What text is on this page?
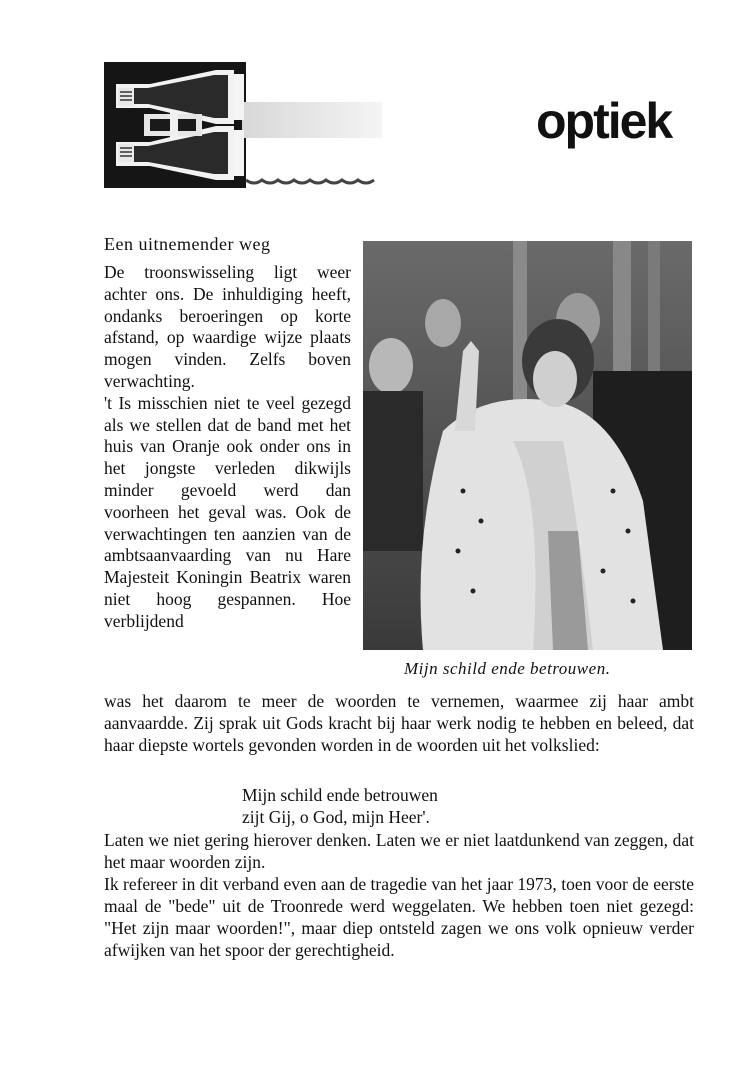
optiek
Een uitnemender weg

De troonswisseling ligt weer achter ons. De inhuldiging heeft, ondanks beroeringen op korte afstand, op waardige wijze plaats mogen vinden. Zelfs boven verwachting.

't Is misschien niet te veel gezegd als we stellen dat de band met het huis van Oranje ook onder ons in het jongste verleden dikwijls minder gevoeld werd dan voorheen het geval was. Ook de verwachtingen ten aanzien van de ambtsaanvaarding van nu Hare Majesteit Koningin Beatrix waren niet hoog gespannen. Hoe verblijdend

Mijn schild ende betrouwen.

was het daarom te meer de woorden te vernemen, waarmee zij haar ambt aanvaardde. Zij sprak uit Gods kracht bij haar werk nodig te hebben en beleed, dat haar diepste wortels gevonden worden in de woorden uit het volkslied:

Mijn schild ende betrouwen
zijt Gij, o God, mijn Heer'.

Laten we niet gering hierover denken. Laten we er niet laatdunkend van zeggen, dat het maar woorden zijn.

Ik refereer in dit verband even aan de tragedie van het jaar 1973, toen voor de eerste maal de "bede" uit de Troonrede werd weggelaten. We hebben toen niet gezegd: "Het zijn maar woorden!", maar diep ontsteld zagen we ons volk opnieuw verder afwijken van het spoor der gerechtigheid.
